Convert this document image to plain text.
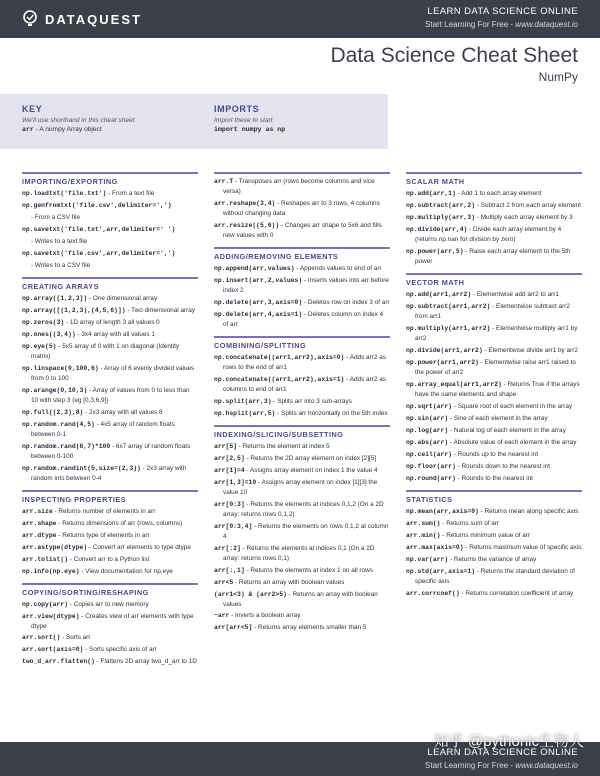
DATAQUEST	LEARN DATA SCIENCE ONLINE
Start Learning For Free - www.dataquest.io
Data Science Cheat Sheet
NumPy
KEY
We'll use shorthand in this cheat sheet
arr - A numpy Array object
IMPORTS
Import these to start
import numpy as np
IMPORTING/EXPORTING
np.loadtxt('file.txt') - From a text file
np.genfromtxt('file.csv',delimiter=',')
- From a CSV file
np.savetxt('file.txt',arr,delimiter=' ')
- Writes to a text file
np.savetxt('file.csv',arr,delimiter=',')
- Writes to a CSV file
CREATING ARRAYS
np.array([1,2,3]) - One dimensional array
np.array([(1,2,3),(4,5,6)]) - Two dimensional array
np.zeros(3) - 1D array of length 3 all values 0
np.ones((3,4)) - 3x4 array with all values 1
np.eye(5) - 5x5 array of 0 with 1 on diagonal (Identity matrix)
np.linspace(0,100,6) - Array of 6 evenly divided values from 0 to 100
np.arange(0,10,3) - Array of values from 0 to less than 10 with step 3 (eg [0,3,6,9])
np.full((2,3),8) - 2x3 array with all values 8
np.random.rand(4,5) - 4x5 array of random floats between 0-1
np.random.rand(6,7)*100 - 6x7 array of random floats between 0-100
np.random.randint(5,size=(2,3)) - 2x3 array with random ints between 0-4
INSPECTING PROPERTIES
arr.size - Returns number of elements in arr
arr.shape - Returns dimensions of arr (rows, columns)
arr.dtype - Returns type of elements in arr
arr.astype(dtype) - Convert arr elements to type dtype
arr.tolist() - Convert arr to a Python list
np.info(np.eye) - View documentation for np.eye
COPYING/SORTING/RESHAPING
np.copy(arr) - Copies arr to new memory
arr.view(dtype) - Creates view of arr elements with type dtype
arr.sort() - Sorts arr
arr.sort(axis=0) - Sorts specific axis of arr
two_d_arr.flatten() - Flattens 2D array two_d_arr to 1D
arr.T - Transposes arr (rows become columns and vice versa)
arr.reshape(3,4) - Reshapes arr to 3 rows, 4 columns without changing data
arr.resize((5,6)) - Changes arr shape to 5x6 and fills new values with 0
ADDING/REMOVING ELEMENTS
np.append(arr,values) - Appends values to end of arr
np.insert(arr,2,values) - Inserts values into arr before index 2
np.delete(arr,3,axis=0) - Deletes row on index 3 of arr
np.delete(arr,4,axis=1) - Deletes column on index 4 of arr
COMBINING/SPLITTING
np.concatenate((arr1,arr2),axis=0) - Adds arr2 as rows to the end of arr1
np.concatenate((arr1,arr2),axis=1) - Adds arr2 as columns to end of arr1
np.split(arr,3) - Splits arr into 3 sub-arrays
np.hsplit(arr,5) - Splits arr horizontally on the 5th index
INDEXING/SLICING/SUBSETTING
arr[5] - Returns the element at index 5
arr[2,5] - Returns the 2D array element on index [2][5]
arr[1]=4 - Assigns array element on index 1 the value 4
arr[1,3]=10 - Assigns array element on index [1][3] the value 10
arr[0:3] - Returns the elements at indices 0,1,2 (On a 2D array: returns rows 0,1,2)
arr[0:3,4] - Returns the elements on rows 0,1,2 at column 4
arr[:2] - Returns the elements at indices 0,1 (On a 2D array: returns rows 0,1)
arr[:,1] - Returns the elements at index 1 on all rows
arr<5 - Returns an array with boolean values
(arr1<3) & (arr2>5) - Returns an array with boolean values
~arr - Inverts a boolean array
arr[arr<5] - Returns array elements smaller than 5
SCALAR MATH
np.add(arr,1) - Add 1 to each array element
np.subtract(arr,2) - Subtract 2 from each array element
np.multiply(arr,3) - Multiply each array element by 3
np.divide(arr,4) - Divide each array element by 4 (returns np.nan for division by zero)
np.power(arr,5) - Raise each array element to the 5th power
VECTOR MATH
np.add(arr1,arr2) - Elementwise add arr2 to arr1
np.subtract(arr1,arr2) - Elementwise subtract arr2 from arr1
np.multiply(arr1,arr2) - Elementwise multiply arr1 by arr2
np.divide(arr1,arr2) - Elementwise divide arr1 by arr2
np.power(arr1,arr2) - Elementwise raise arr1 raised to the power of arr2
np.array_equal(arr1,arr2) - Returns True if the arrays have the same elements and shape
np.sqrt(arr) - Square root of each element in the array
np.sin(arr) - Sine of each element in the array
np.log(arr) - Natural log of each element in the array
np.abs(arr) - Absolute value of each element in the array
np.ceil(arr) - Rounds up to the nearest int
np.floor(arr) - Rounds down to the nearest int
np.round(arr) - Rounds to the nearest int
STATISTICS
np.mean(arr,axis=0) - Returns mean along specific axis
arr.sum() - Returns sum of arr
arr.min() - Returns minimum value of arr
arr.max(axis=0) - Returns maximum value of specific axis
np.var(arr) - Returns the variance of array
np.std(arr,axis=1) - Returns the standard deviation of specific axis
arr.corrcoef() - Returns correlation coefficient of array
LEARN DATA SCIENCE ONLINE
Start Learning For Free - www.dataquest.io
知乎 @pythonic生物人
